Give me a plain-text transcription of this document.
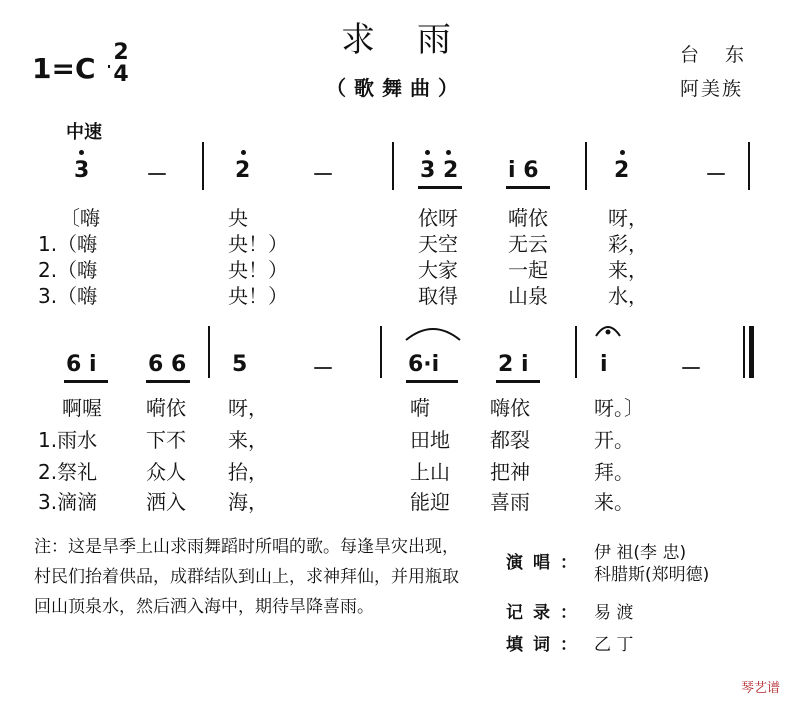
求雨
（歌舞曲）
1=C 2
4
台 东
阿美族
中速
3	－	2	－	3 2 i 6	2	－
〔嗨	央	依呀	嗬依	呀，
1.（嗨	央！）	天空	无云	彩，
2.（嗨	央！）	大家	一起	来，
3.（嗨	央！）	取得	山泉	水，
6 i 6 6 5	－	6·i	2 i	i	－
啊喔 嗬依 呀，	嗬	嗨依	呀。〕
1.雨水 下不 来，	田地 都裂	开。
2.祭礼 众人 抬，	上山 把神	拜。
3.滴滴 洒入 海，	能迎 喜雨	来。
注：这是旱季上山求雨舞蹈时所唱的歌。每逢旱灾出现，村民们抬着供品，成群结队到山上，求神拜仙，并用瓶取回山顶泉水，然后洒入海中，期待旱降喜雨。
演唱： 伊 祖(李 忠)
科腊斯(郑明德)
记录： 易 渡
填词： 乙 丁
琴艺谱
